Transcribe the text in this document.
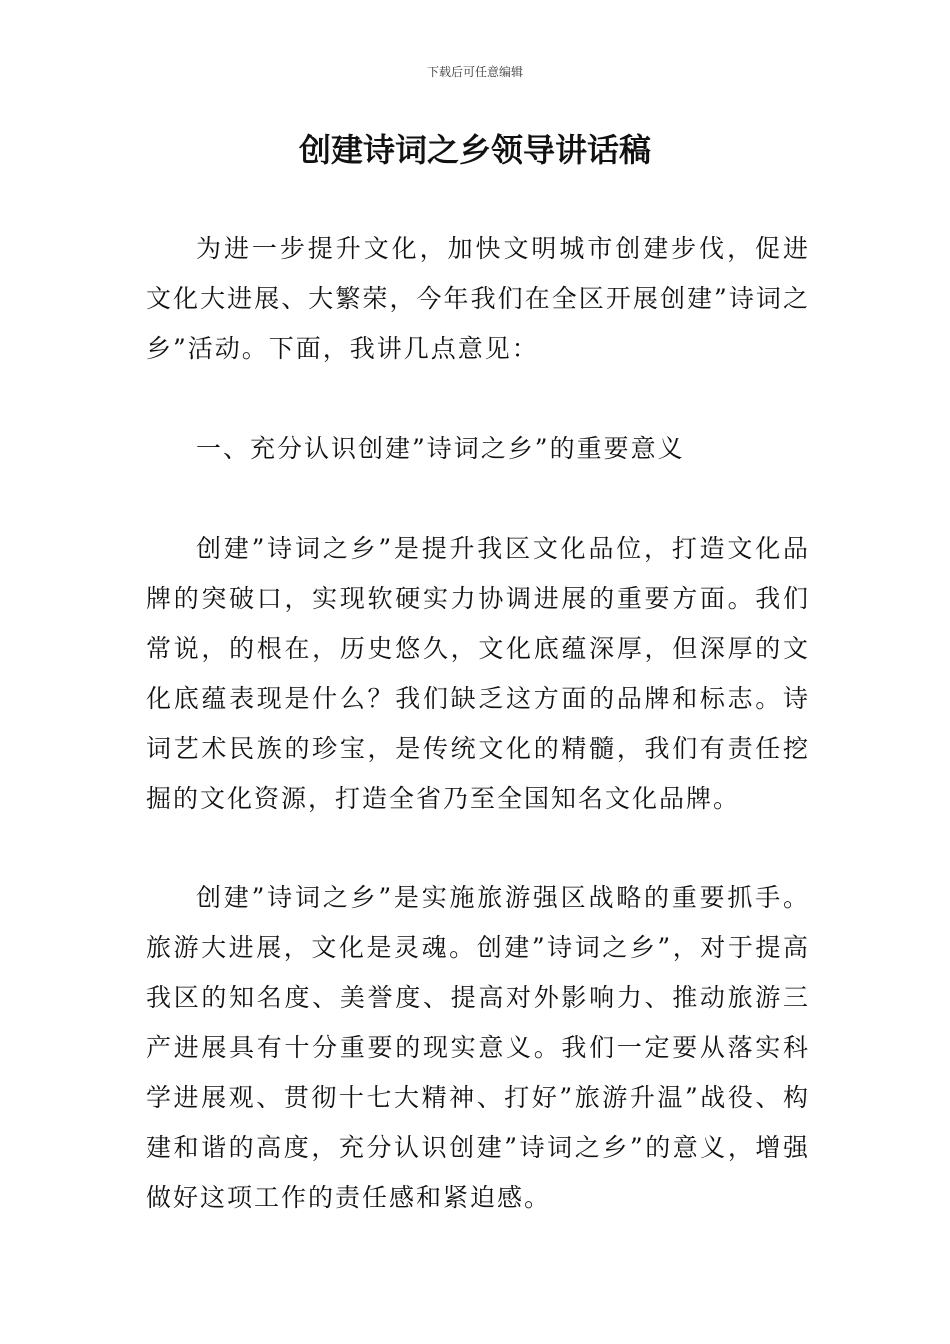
下载后可任意编辑
创建诗词之乡领导讲话稿

为进一步提升文化，加快文明城市创建步伐，促进文化大进展、大繁荣，今年我们在全区开展创建”诗词之乡”活动。下面，我讲几点意见：

一、充分认识创建”诗词之乡”的重要意义

创建”诗词之乡”是提升我区文化品位，打造文化品牌的突破口，实现软硬实力协调进展的重要方面。我们常说，的根在，历史悠久，文化底蕴深厚，但深厚的文化底蕴表现是什么？我们缺乏这方面的品牌和标志。诗词艺术民族的珍宝，是传统文化的精髓，我们有责任挖掘的文化资源，打造全省乃至全国知名文化品牌。

创建”诗词之乡”是实施旅游强区战略的重要抓手。旅游大进展，文化是灵魂。创建”诗词之乡”，对于提高我区的知名度、美誉度、提高对外影响力、推动旅游三产进展具有十分重要的现实意义。我们一定要从落实科学进展观、贯彻十七大精神、打好”旅游升温”战役、构建和谐的高度，充分认识创建”诗词之乡”的意义，增强做好这项工作的责任感和紧迫感。
